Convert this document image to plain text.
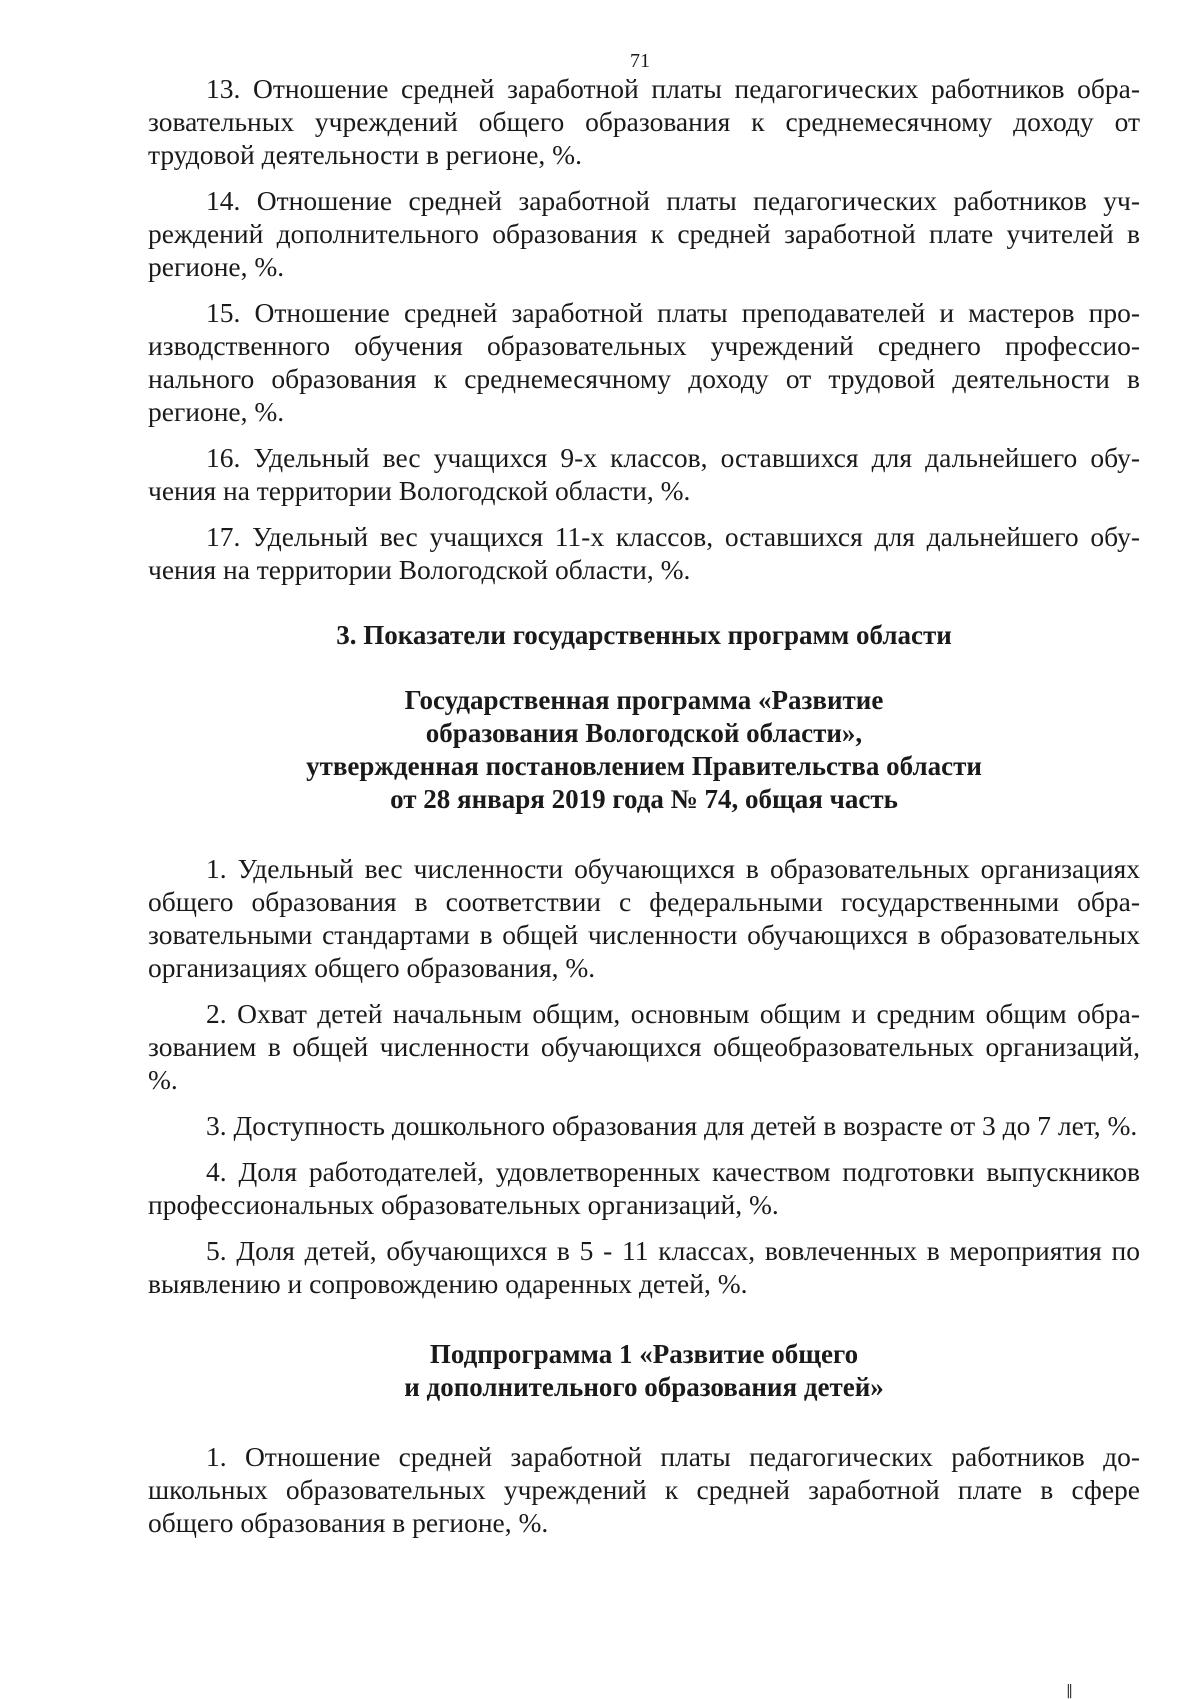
71

13. Отношение средней заработной платы педагогических работников образовательных учреждений общего образования к среднемесячному доходу от трудовой деятельности в регионе, %.

14. Отношение средней заработной платы педагогических работников учреждений дополнительного образования к средней заработной плате учителей в регионе, %.

15. Отношение средней заработной платы преподавателей и мастеров производственного обучения образовательных учреждений среднего профессионального образования к среднемесячному доходу от трудовой деятельности в регионе, %.

16. Удельный вес учащихся 9-х классов, оставшихся для дальнейшего обучения на территории Вологодской области, %.

17. Удельный вес учащихся 11-х классов, оставшихся для дальнейшего обучения на территории Вологодской области, %.

3. Показатели государственных программ области
Государственная программа «Развитие
образования Вологодской области»,
утвержденная постановлением Правительства области
от 28 января 2019 года № 74, общая часть

1. Удельный вес численности обучающихся в образовательных организациях общего образования в соответствии с федеральными государственными образовательными стандартами в общей численности обучающихся в образовательных организациях общего образования, %.

2. Охват детей начальным общим, основным общим и средним общим образованием в общей численности обучающихся общеобразовательных организаций, %.

3. Доступность дошкольного образования для детей в возрасте от 3 до 7 лет, %.

4. Доля работодателей, удовлетворенных качеством подготовки выпускников профессиональных образовательных организаций, %.

5. Доля детей, обучающихся в 5 - 11 классах, вовлеченных в мероприятия по выявлению и сопровождению одаренных детей, %.

Подпрограмма 1 «Развитие общего
и дополнительного образования детей»

1. Отношение средней заработной платы педагогических работников дошкольных образовательных учреждений к средней заработной плате в сфере общего образования в регионе, %.

‖
